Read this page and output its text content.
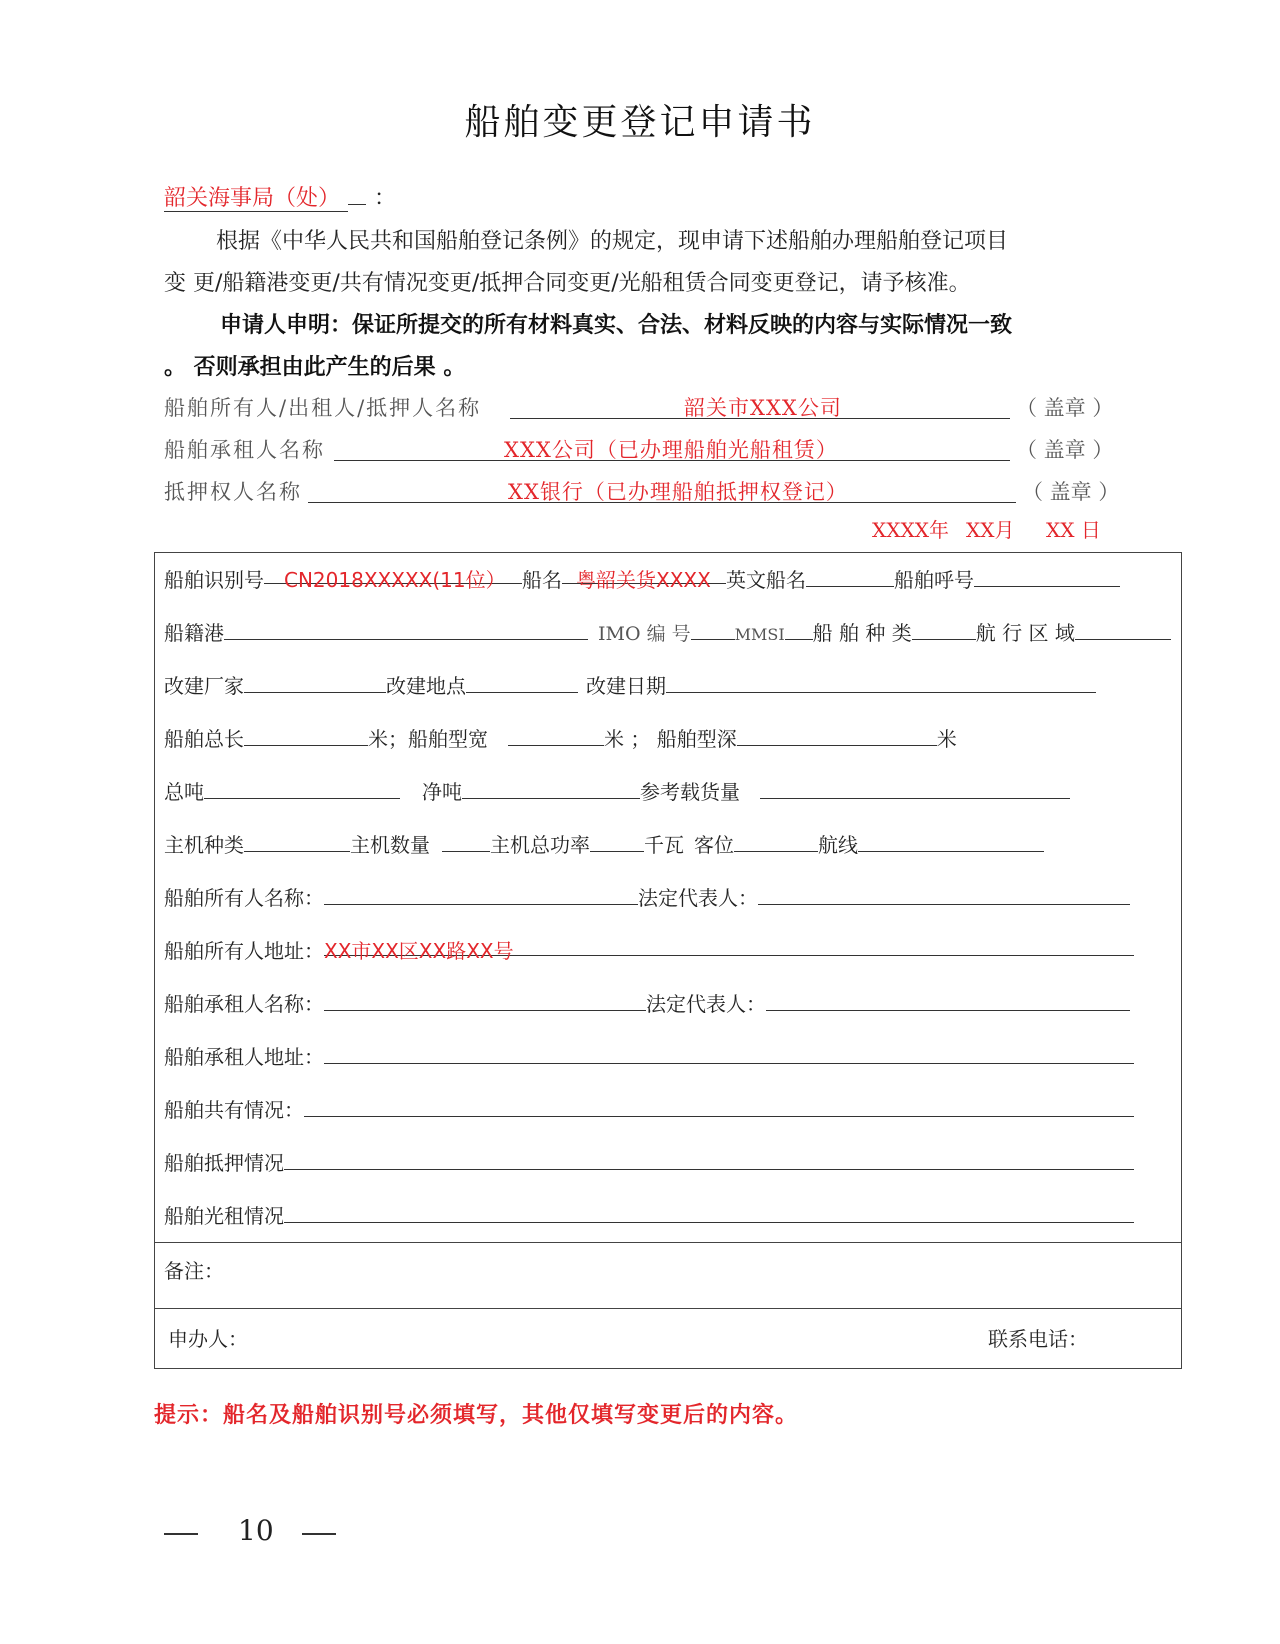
船舶变更登记申请书
韶关海事局（处） ：
根据《中华人民共和国船舶登记条例》的规定，现申请下述船舶办理船舶登记项目
变 更/船籍港变更/共有情况变更/抵押合同变更/光船租赁合同变更登记，请予核准。
申请人申明：保证所提交的所有材料真实、合法、材料反映的内容与实际情况一致
。 否则承担由此产生的后果 。
船舶所有人/出租人/抵押人名称	韶关市XXX公司	（ 盖章 ）
船舶承租人名称	XXX公司（已办理船舶光船租赁）	（ 盖章 ）
抵押权人名称	XX银行（已办理船舶抵押权登记）	（ 盖章 ）
XXXX年 XX月 XX 日
船舶识别号 CN2018XXXXX(11位） 船名 粤韶关货XXXX 英文船名	船舶呼号
船籍港	IMO 编 号	MMSI 船 舶 种 类	航 行 区 域
改建厂家	改建地点	改建日期
船舶总长	米；船舶型宽	米 ； 船舶型深	米
总吨	净吨	参考载货量
主机种类	主机数量	主机总功率	千瓦 客位	航线
船舶所有人名称：	法定代表人：
船舶所有人地址：XX市XX区XX路XX号
船舶承租人名称：	法定代表人：
船舶承租人地址：
船舶共有情况：
船舶抵押情况
船舶光租情况
备注：
申办人：	联系电话：
提示：船名及船舶识别号必须填写，其他仅填写变更后的内容。
10
